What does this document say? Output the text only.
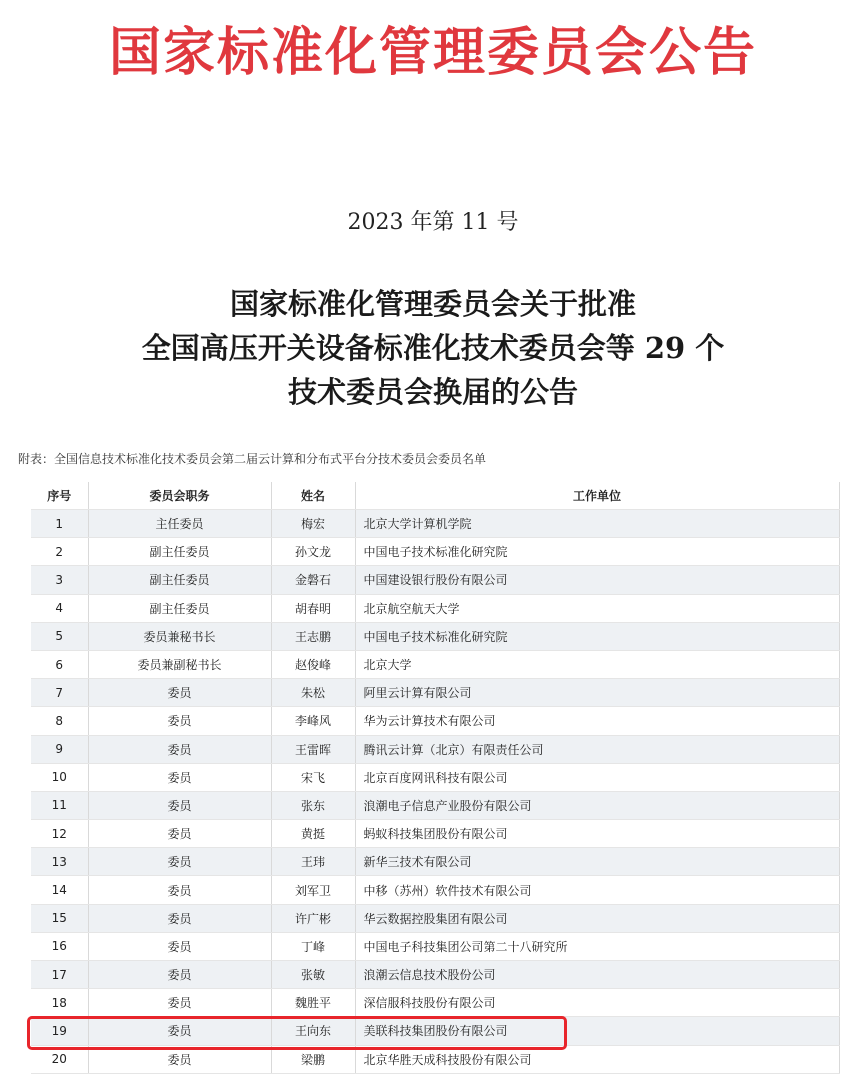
国家标准化管理委员会公告
2023 年第 11 号
国家标准化管理委员会关于批准
全国高压开关设备标准化技术委员会等 29 个
技术委员会换届的公告
附表：全国信息技术标准化技术委员会第二届云计算和分布式平台分技术委员会委员名单
序号	委员会职务	姓名	工作单位
1	主任委员	梅宏	北京大学计算机学院
2	副主任委员	孙文龙	中国电子技术标准化研究院
3	副主任委员	金磐石	中国建设银行股份有限公司
4	副主任委员	胡春明	北京航空航天大学
5	委员兼秘书长	王志鹏	中国电子技术标准化研究院
6	委员兼副秘书长	赵俊峰	北京大学
7	委员	朱松	阿里云计算有限公司
8	委员	李峰风	华为云计算技术有限公司
9	委员	王雷晖	腾讯云计算（北京）有限责任公司
10	委员	宋飞	北京百度网讯科技有限公司
11	委员	张东	浪潮电子信息产业股份有限公司
12	委员	黄挺	蚂蚁科技集团股份有限公司
13	委员	王玮	新华三技术有限公司
14	委员	刘军卫	中移（苏州）软件技术有限公司
15	委员	许广彬	华云数据控股集团有限公司
16	委员	丁峰	中国电子科技集团公司第二十八研究所
17	委员	张敏	浪潮云信息技术股份公司
18	委员	魏胜平	深信服科技股份有限公司
19	委员	王向东	美联科技集团股份有限公司
20	委员	梁鹏	北京华胜天成科技股份有限公司
